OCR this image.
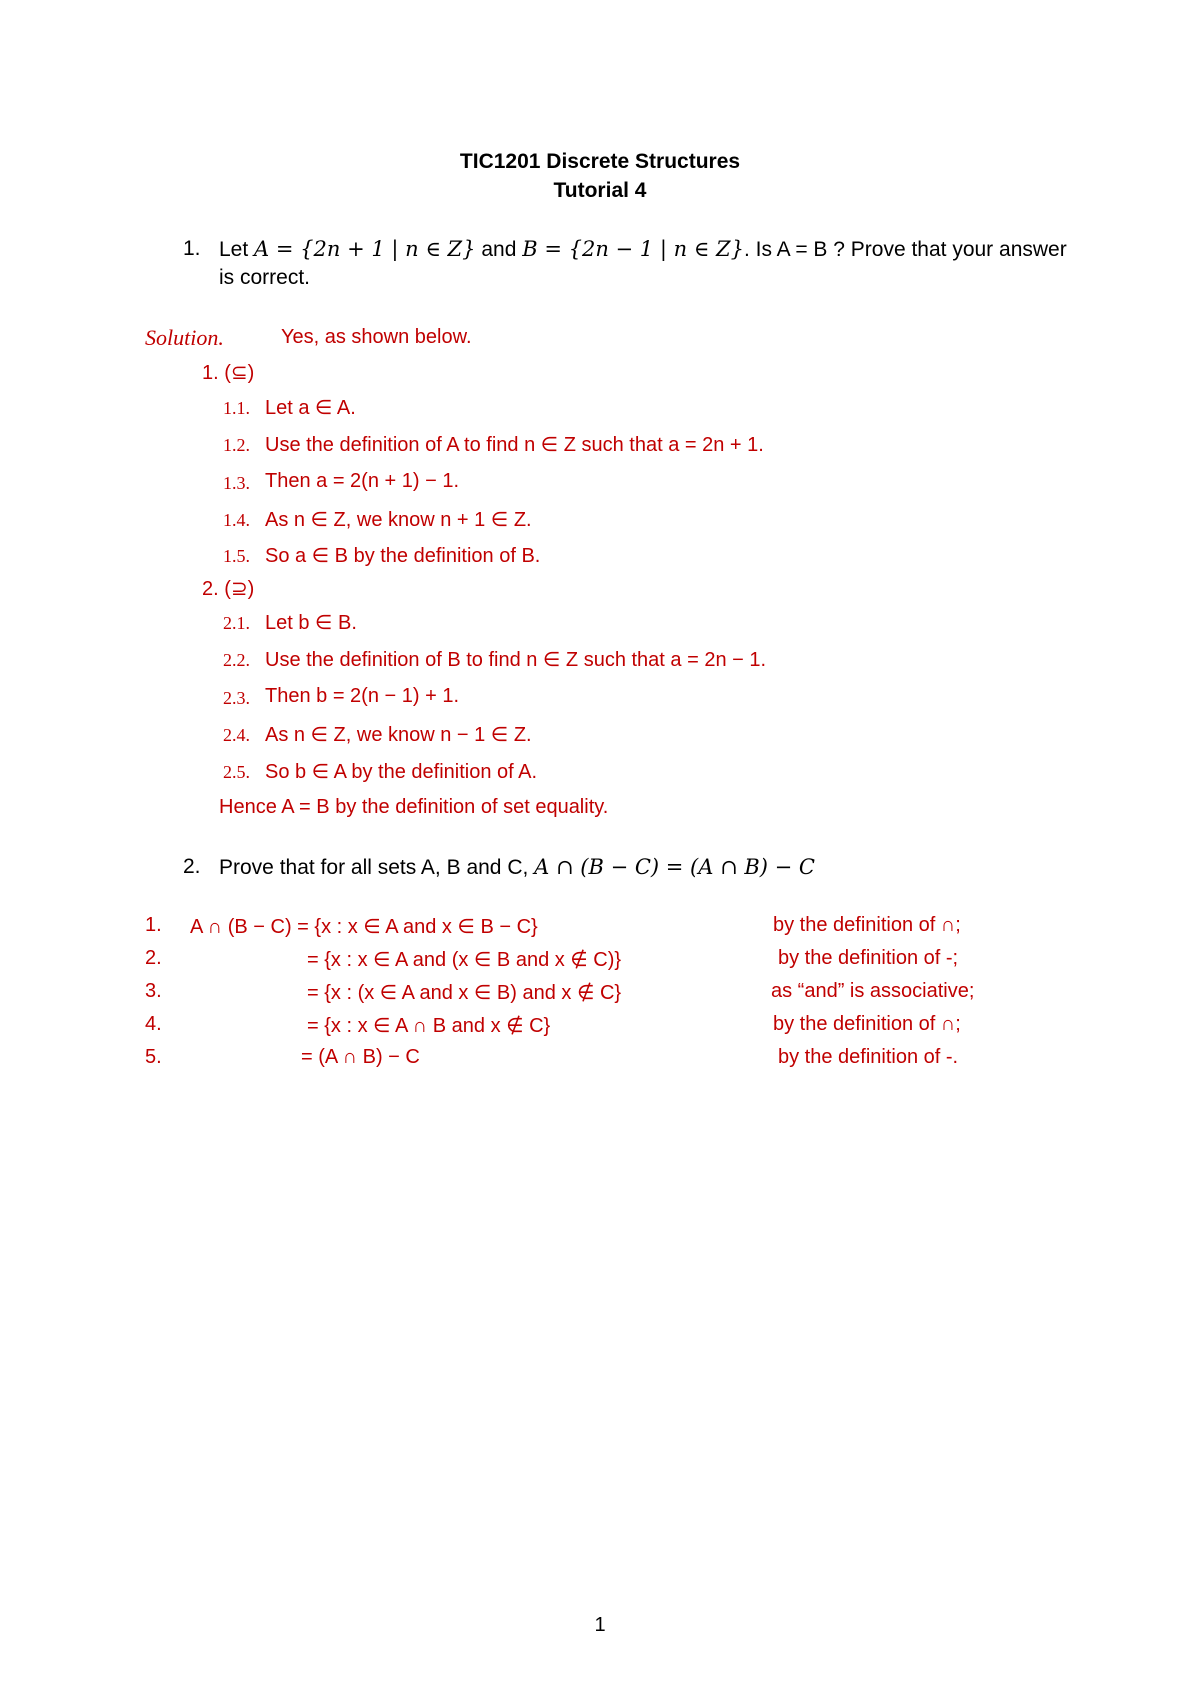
TIC1201 Discrete Structures
Tutorial 4
1. Let A = {2n + 1 | n ∈ Z} and B = {2n − 1 | n ∈ Z}. Is A = B ? Prove that your answer
is correct.
Solution.	Yes, as shown below.
1. (⊆)
1.1. Let a ∈ A.
1.2. Use the definition of A to find n ∈ Z such that a = 2n + 1.
1.3. Then a = 2(n + 1) − 1.
1.4. As n ∈ Z, we know n + 1 ∈ Z.
1.5. So a ∈ B by the definition of B.
2. (⊇)
2.1. Let b ∈ B.
2.2. Use the definition of B to find n ∈ Z such that a = 2n − 1.
2.3. Then b = 2(n − 1) + 1.
2.4. As n ∈ Z, we know n − 1 ∈ Z.
2.5. So b ∈ A by the definition of A.
Hence A = B by the definition of set equality.
2. Prove that for all sets A, B and C, A ∩ (B − C) = (A ∩ B) − C
1. A ∩ (B − C) = {x : x ∈ A and x ∈ B − C}	by the definition of ∩;
2.	= {x : x ∈ A and (x ∈ B and x ∉ C)}	by the definition of -;
3.	= {x : (x ∈ A and x ∈ B) and x ∉ C}	as “and” is associative;
4.	= {x : x ∈ A ∩ B and x ∉ C}	by the definition of ∩;
5.	= (A ∩ B) − C	by the definition of -.
1
